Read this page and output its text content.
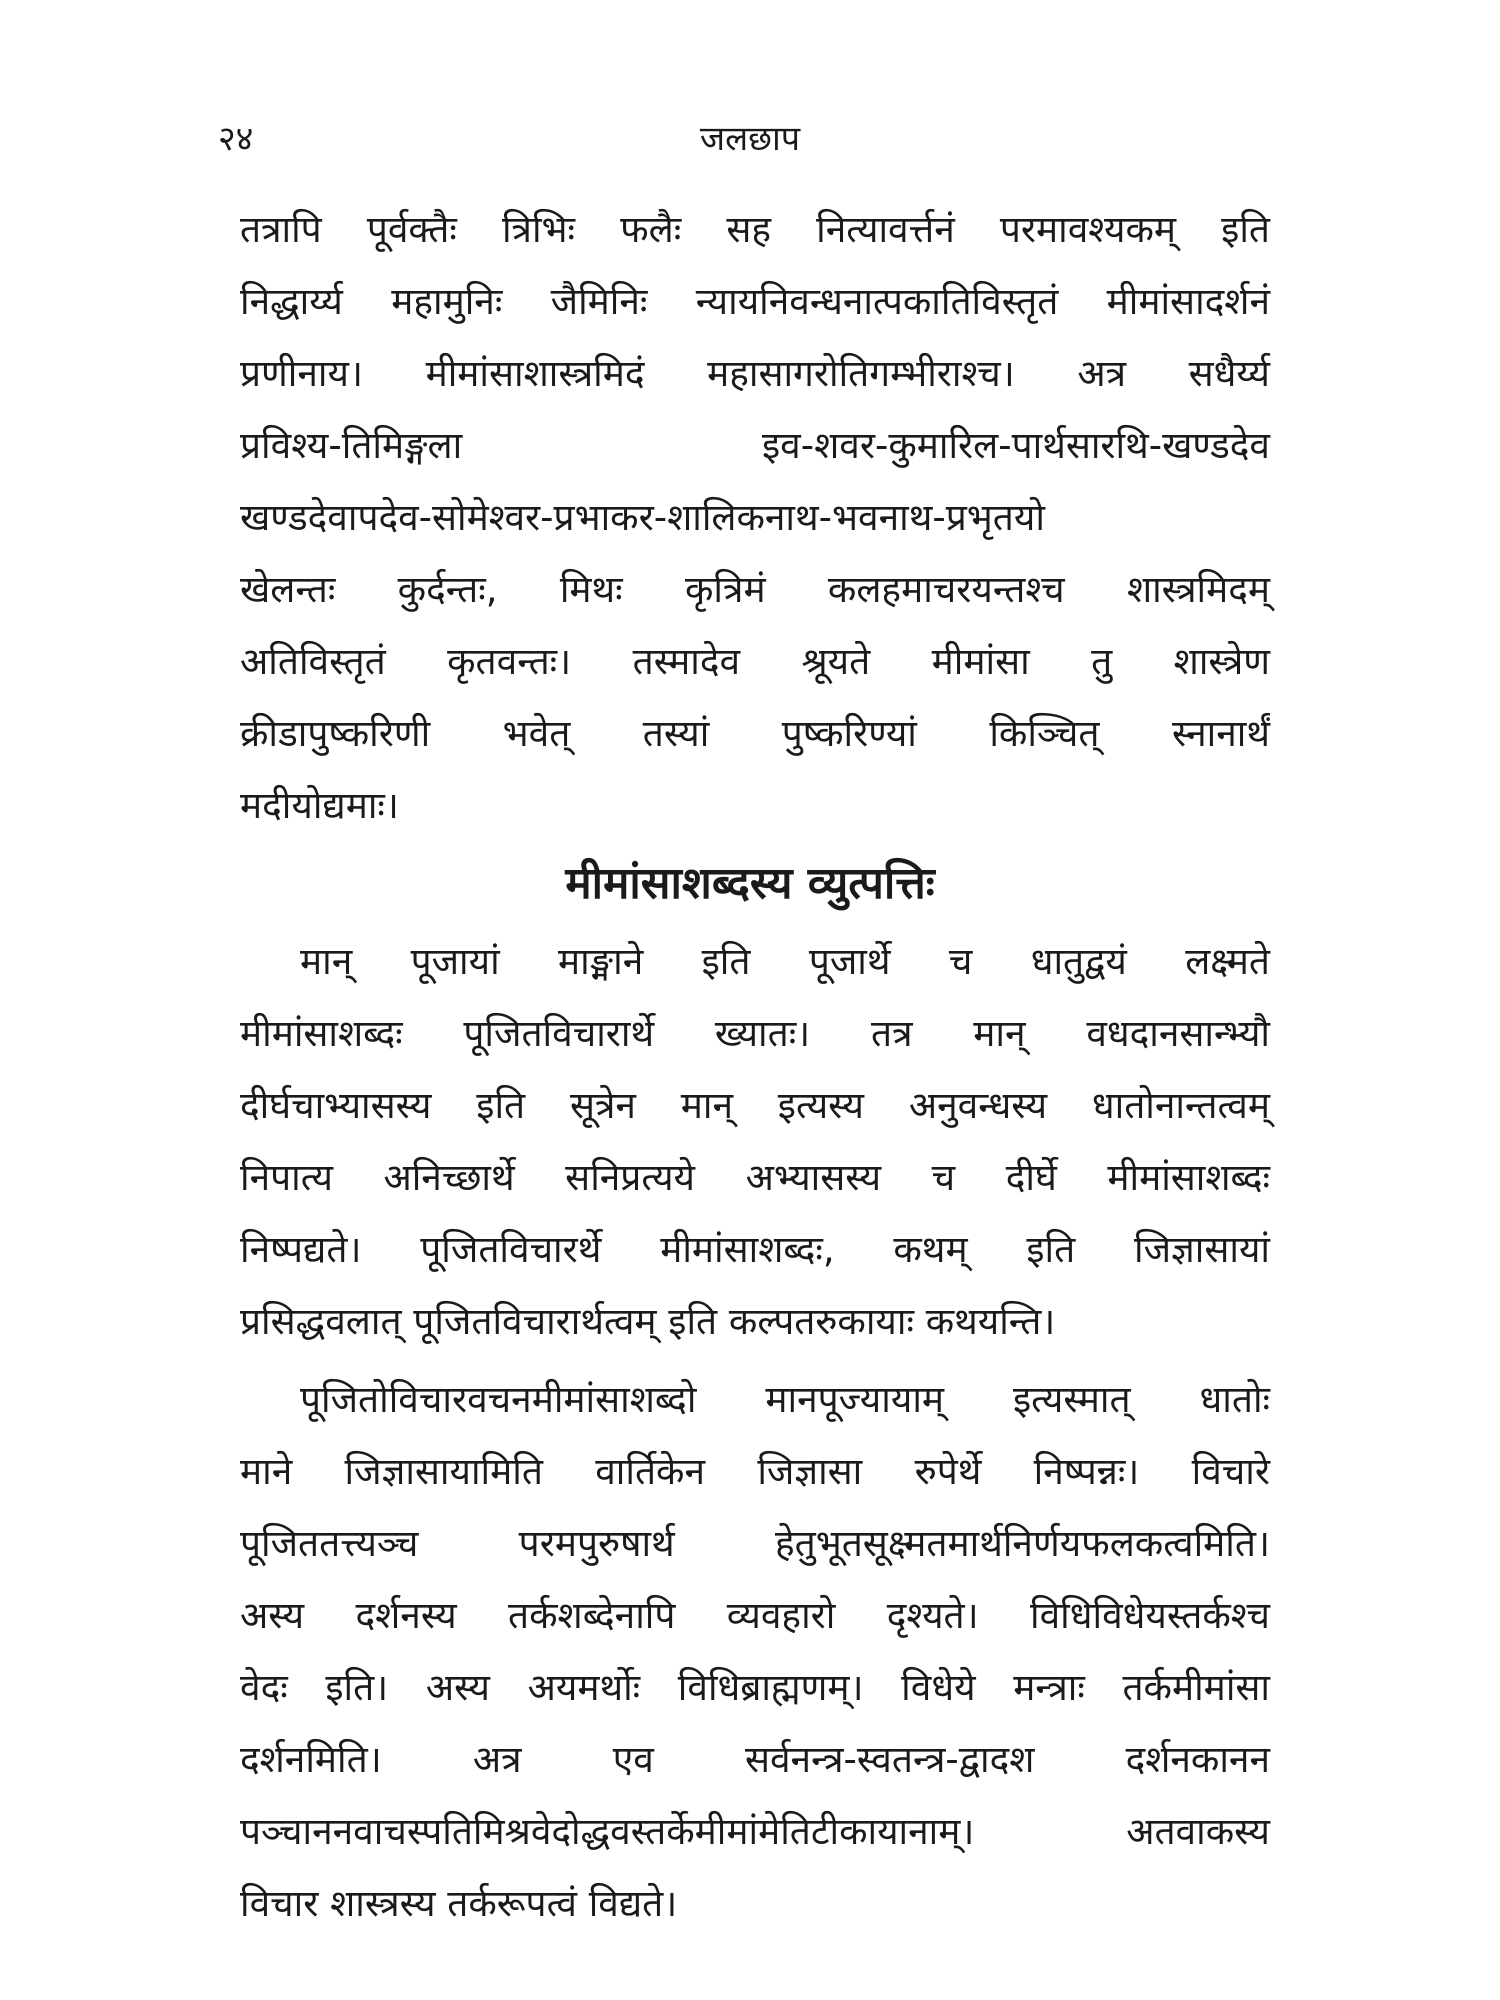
२४	जलछाप
तत्रापि पूर्वक्तैः त्रिभिः फलैः सह नित्यावर्त्तनं परमावश्यकम् इति
निद्धार्य्य महामुनिः जैमिनिः न्यायनिवन्धनात्पकातिविस्तृतं मीमांसादर्शनं
प्रणीनाय। मीमांसाशास्त्रमिदं महासागरोतिगम्भीराश्च। अत्र सधैर्य्य
प्रविश्य-तिमिङ्गला इव-शवर-कुमारिल-पार्थसारथि-खण्डदेव
खण्डदेवापदेव-सोमेश्वर-प्रभाकर-शालिकनाथ-भवनाथ-प्रभृतयो
खेलन्तः कुर्दन्तः, मिथः कृत्रिमं कलहमाचरयन्तश्च शास्त्रमिदम्
अतिविस्तृतं कृतवन्तः। तस्मादेव श्रूयते मीमांसा तु शास्त्रेण
क्रीडापुष्करिणी भवेत् तस्यां पुष्करिण्यां किञ्चित् स्नानार्थं
मदीयोद्यमाः।
मीमांसाशब्दस्य व्युत्पत्तिः
मान् पूजायां माङ्माने इति पूजार्थे च धातुद्वयं लक्ष्मते
मीमांसाशब्दः पूजितविचारार्थे ख्यातः। तत्र मान् वधदानसान्भ्यौ
दीर्घचाभ्यासस्य इति सूत्रेन मान् इत्यस्य अनुवन्धस्य धातोनान्तत्वम्
निपात्य अनिच्छार्थे सनिप्रत्यये अभ्यासस्य च दीर्घे मीमांसाशब्दः
निष्पद्यते। पूजितविचारर्थे मीमांसाशब्दः, कथम् इति जिज्ञासायां
प्रसिद्धवलात् पूजितविचारार्थत्वम् इति कल्पतरुकायाः कथयन्ति।
पूजितोविचारवचनमीमांसाशब्दो मानपूज्यायाम् इत्यस्मात् धातोः
माने जिज्ञासायामिति वार्तिकेन जिज्ञासा रुपेर्थे निष्पन्नः। विचारे
पूजिततत्त्यञ्च परमपुरुषार्थ हेतुभूतसूक्ष्मतमार्थनिर्णयफलकत्वमिति।
अस्य दर्शनस्य तर्कशब्देनापि व्यवहारो दृश्यते। विधिविधेयस्तर्कश्च
वेदः इति। अस्य अयमर्थोः विधिब्राह्मणम्। विधेये मन्त्राः तर्कमीमांसा
दर्शनमिति। अत्र एव सर्वनन्त्र-स्वतन्त्र-द्वादश दर्शनकानन
पञ्चाननवाचस्पतिमिश्रवेदोद्धवस्तर्केमीमांमेतिटीकायानाम्। अतवाकस्य
विचार शास्त्रस्य तर्करूपत्वं विद्यते।
